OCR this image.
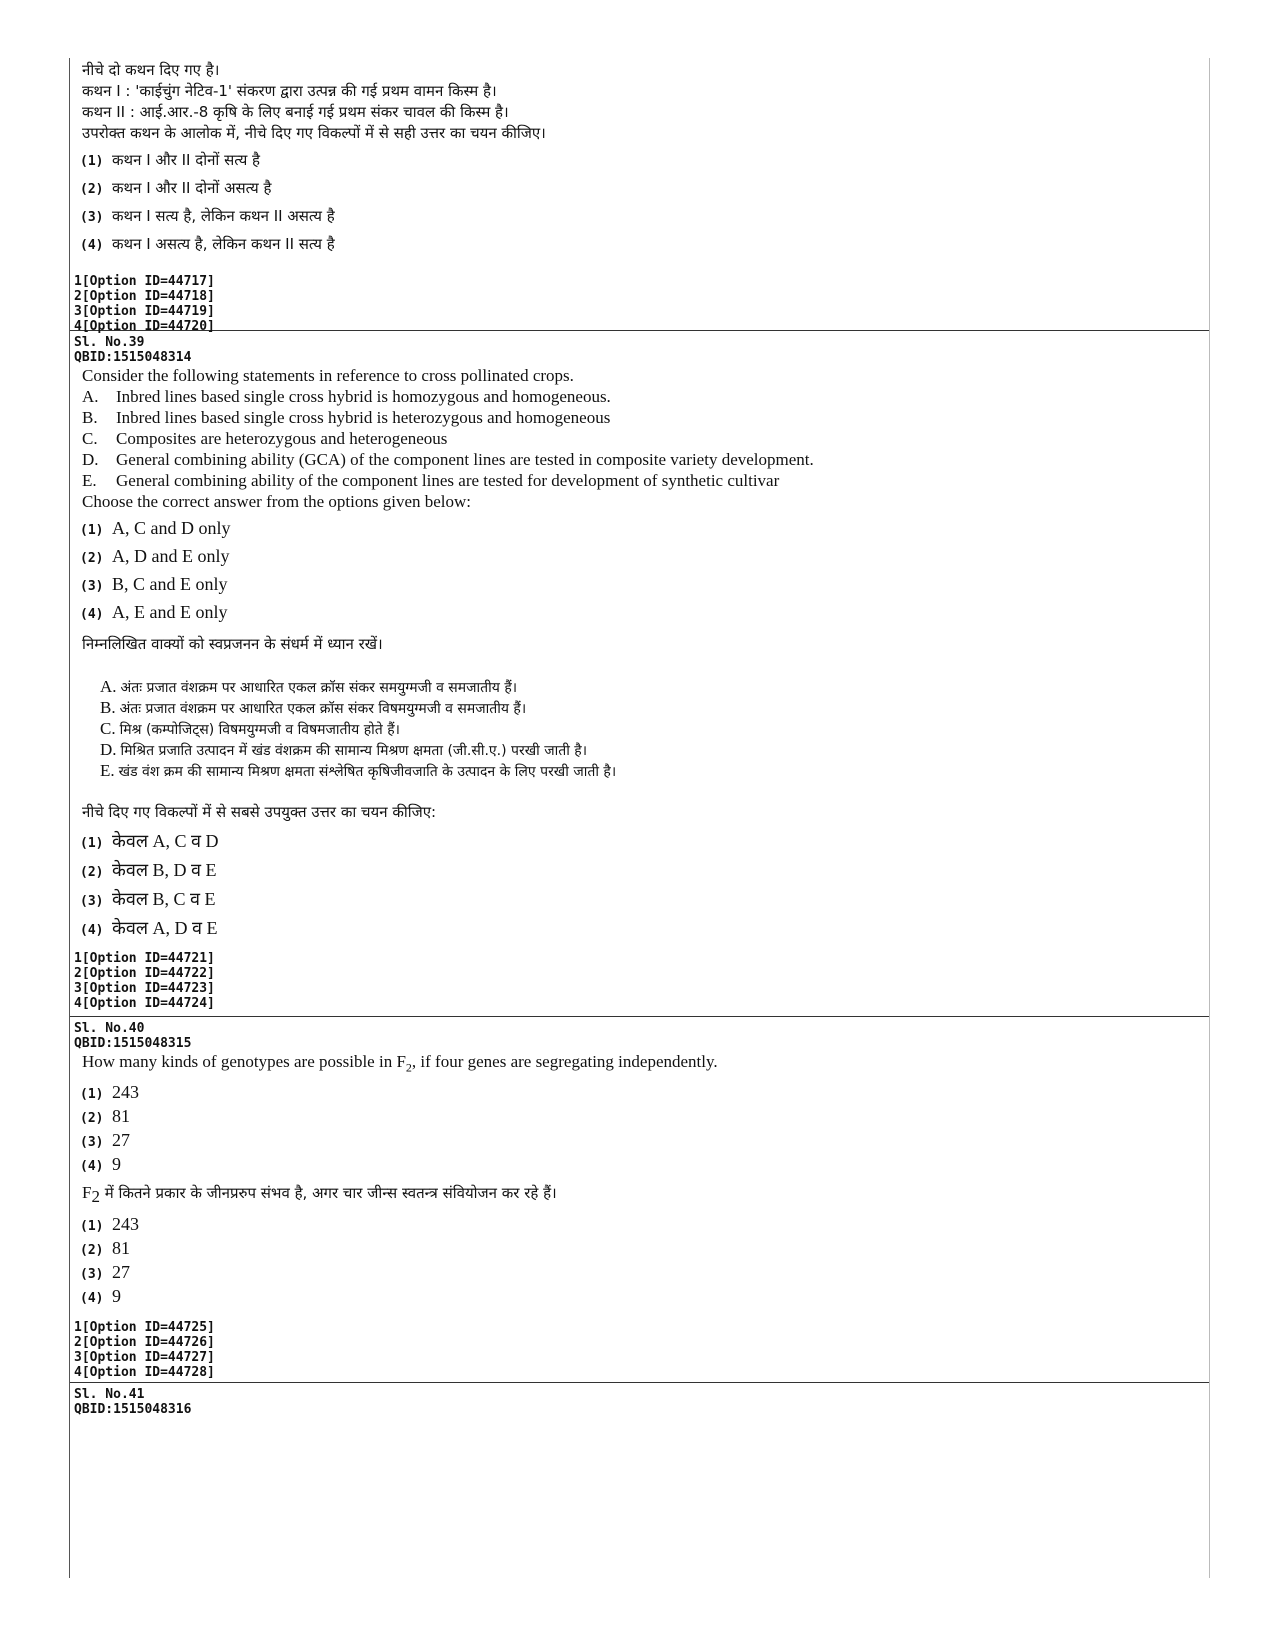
नीचे दो कथन दिए गए है।
कथन I : 'काईचुंग नेटिव-1' संकरण द्वारा उत्पन्न की गई प्रथम वामन किस्म है।
कथन II : आई.आर.-8 कृषि के लिए बनाई गई प्रथम संकर चावल की किस्म है।
उपरोक्त कथन के आलोक में, नीचे दिए गए विकल्पों में से सही उत्तर का चयन कीजिए।
(1) कथन I और II दोनों सत्य है
(2) कथन I और II दोनों असत्य है
(3) कथन I सत्य है, लेकिन कथन II असत्य है
(4) कथन I असत्य है, लेकिन कथन II सत्य है
1[Option ID=44717]
2[Option ID=44718]
3[Option ID=44719]
4[Option ID=44720]
Sl. No.39
QBID:1515048314
Consider the following statements in reference to cross pollinated crops.
A.	Inbred lines based single cross hybrid is homozygous and homogeneous.
B.	Inbred lines based single cross hybrid is heterozygous and homogeneous
C.	Composites are heterozygous and heterogeneous
D.	General combining ability (GCA) of the component lines are tested in composite variety development.
E.	General combining ability of the component lines are tested for development of synthetic cultivar
Choose the correct answer from the options given below:
(1) A, C and D only
(2) A, D and E only
(3) B, C and E only
(4) A, E and E only
निम्नलिखित वाक्यों को स्वप्रजनन के संधर्म में ध्यान रखें।
A. अंतः प्रजात वंशक्रम पर आधारित एकल क्रॉस संकर समयुग्मजी व समजातीय हैं।
B. अंतः प्रजात वंशक्रम पर आधारित एकल क्रॉस संकर विषमयुग्मजी व समजातीय हैं।
C. मिश्र (कम्पोजिट्स) विषमयुग्मजी व विषमजातीय होते हैं।
D. मिश्रित प्रजाति उत्पादन में खंड वंशक्रम की सामान्य मिश्रण क्षमता (जी.सी.ए.) परखी जाती है।
E. खंड वंश क्रम की सामान्य मिश्रण क्षमता संश्लेषित कृषिजीवजाति के उत्पादन के लिए परखी जाती है।
नीचे दिए गए विकल्पों में से सबसे उपयुक्त उत्तर का चयन कीजिए:
(1) केवल A, C व D
(2) केवल B, D व E
(3) केवल B, C व E
(4) केवल A, D व E
1[Option ID=44721]
2[Option ID=44722]
3[Option ID=44723]
4[Option ID=44724]
Sl. No.40
QBID:1515048315
How many kinds of genotypes are possible in $F_2$, if four genes are segregating independently.
(1) 243
(2) 81
(3) 27
(4) 9
$F_2$ में कितने प्रकार के जीनप्ररुप संभव है, अगर चार जीन्स स्वतन्त्र संवियोजन कर रहे हैं।
(1) 243
(2) 81
(3) 27
(4) 9
1[Option ID=44725]
2[Option ID=44726]
3[Option ID=44727]
4[Option ID=44728]
Sl. No.41
QBID:1515048316
